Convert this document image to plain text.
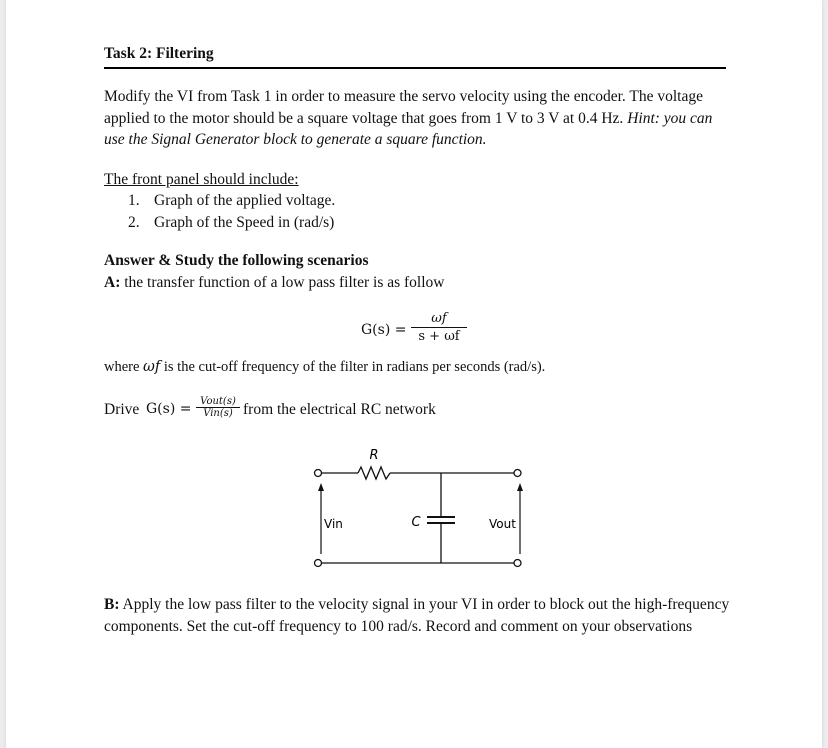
Task 2: Filtering
Modify the VI from Task 1 in order to measure the servo velocity using the encoder. The voltage applied to the motor should be a square voltage that goes from 1 V to 3 V at 0.4 Hz. Hint: you can use the Signal Generator block to generate a square function.
The front panel should include:
1. Graph of the applied voltage.
2. Graph of the Speed in (rad/s)
Answer & Study the following scenarios
A: the transfer function of a low pass filter is as follow
G(s) =
ωf
s + ωf
where ωf is the cut-off frequency of the filter in radians per seconds (rad/s).
Drive G(s) = Vout(s)
Vin(s) from the electrical RC network
R
C
Vin	Vout
B: Apply the low pass filter to the velocity signal in your VI in order to block out the high-frequency components. Set the cut-off frequency to 100 rad/s. Record and comment on your observations
